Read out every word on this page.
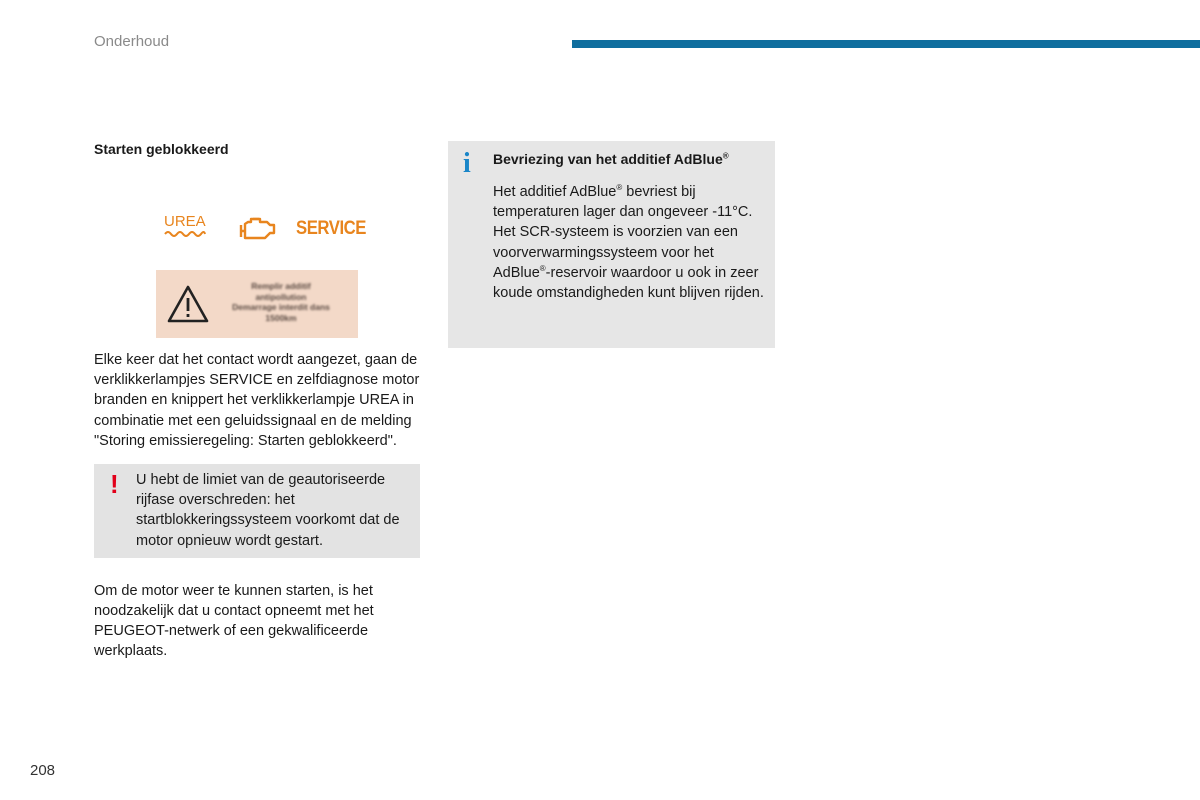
Onderhoud

Starten geblokkeerd

UREA	SERVICE
Remplir additif
antipollution
Demarrage interdit dans
1500km

Elke keer dat het contact wordt aangezet, gaan de verklikkerlampjes SERVICE en zelfdiagnose motor branden en knippert het verklikkerlampje UREA in combinatie met een geluidssignaal en de melding "Storing emissieregeling: Starten geblokkeerd".

! U hebt de limiet van de geautoriseerde rijfase overschreden: het startblokkeringssysteem voorkomt dat de motor opnieuw wordt gestart.

Om de motor weer te kunnen starten, is het noodzakelijk dat u contact opneemt met het PEUGEOT-netwerk of een gekwalificeerde werkplaats.

i Bevriezing van het additief AdBlue®

Het additief AdBlue® bevriest bij temperaturen lager dan ongeveer -11°C. Het SCR-systeem is voorzien van een voorverwarmingssysteem voor het AdBlue®-reservoir waardoor u ook in zeer koude omstandigheden kunt blijven rijden.

208
